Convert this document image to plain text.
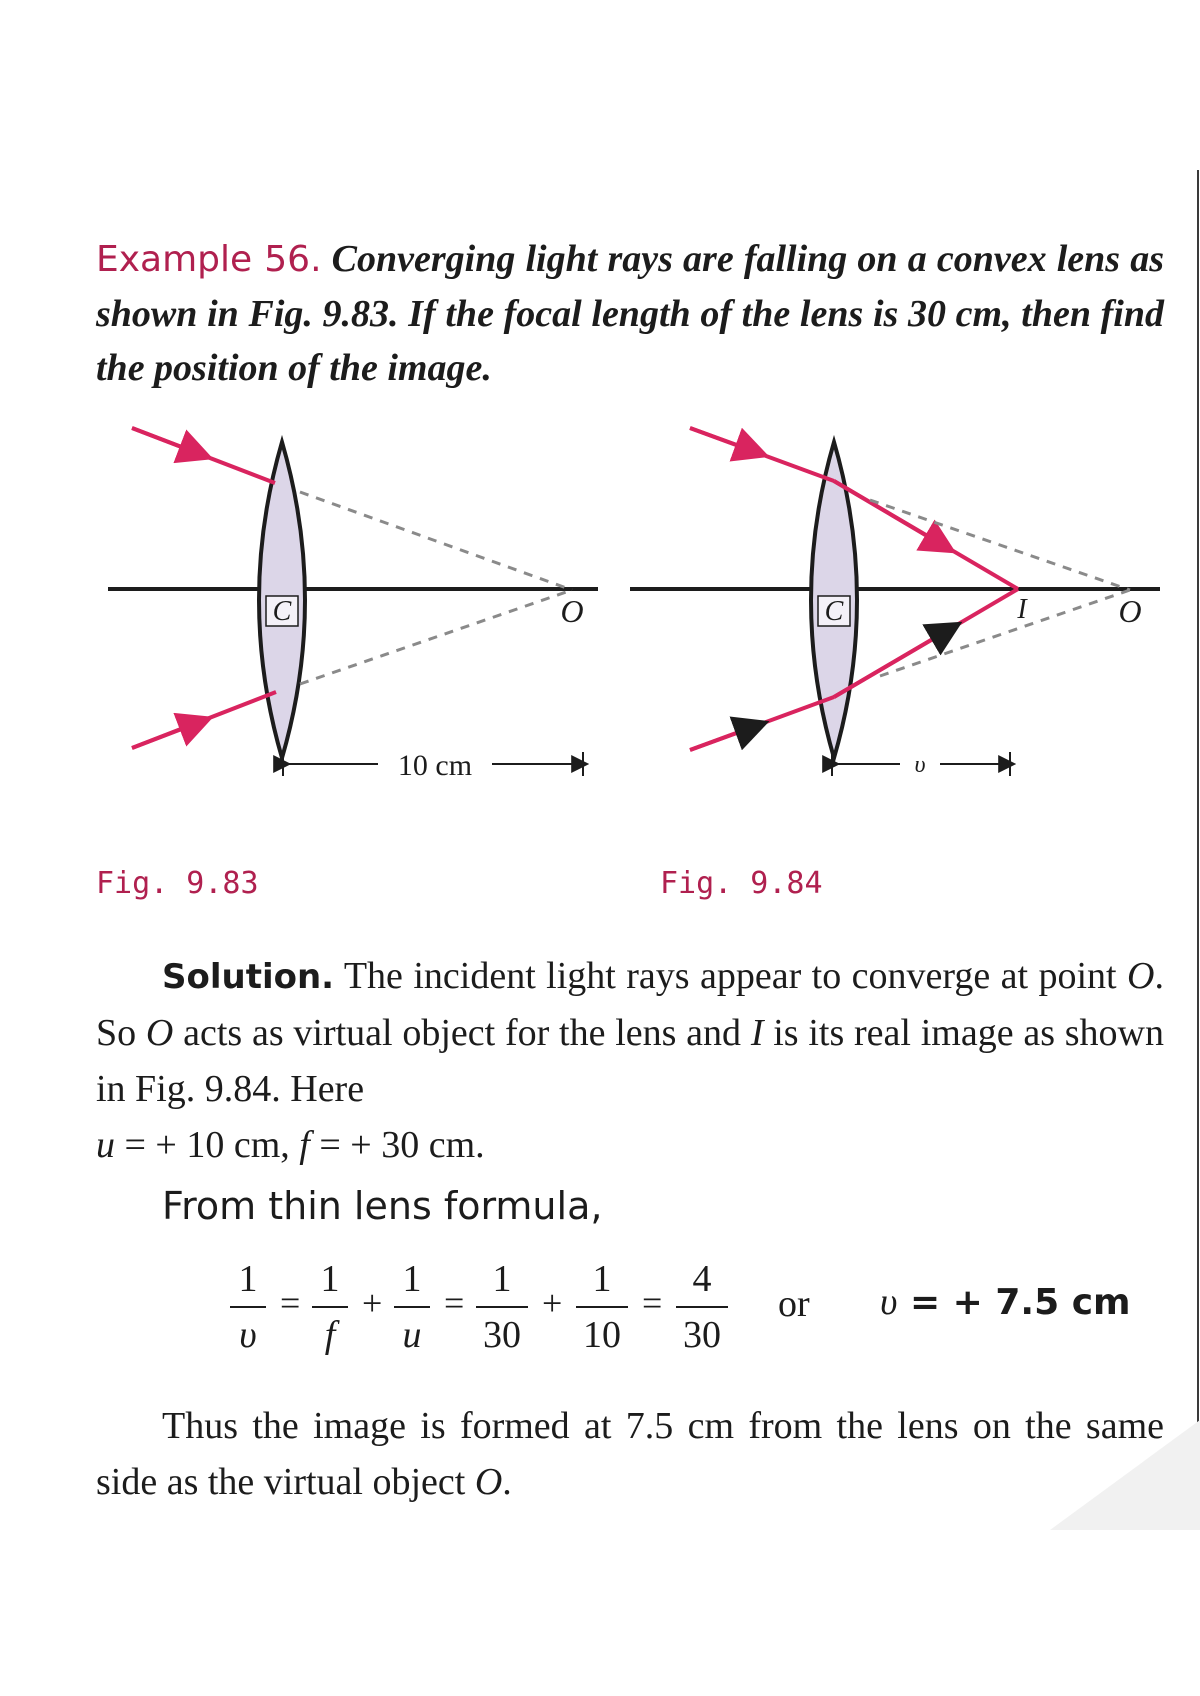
Example 56. Converging light rays are falling on a convex lens as shown in Fig. 9.83. If the focal length of the lens is 30 cm, then find the position of the image.
C	O
10 cm
C	I	O
υ
Fig. 9.83	Fig. 9.84
Solution. The incident light rays appear to converge at point O. So O acts as virtual object for the lens and I is its real image as shown in Fig. 9.84. Here
u = + 10 cm, f = + 30 cm.
From thin lens formula,
1
υ
=
1
f
+
1
u
=
1
30
+
1
10
=
4
30
or υ = + 7.5 cm
Thus the image is formed at 7.5 cm from the lens on the same side as the virtual object O.
